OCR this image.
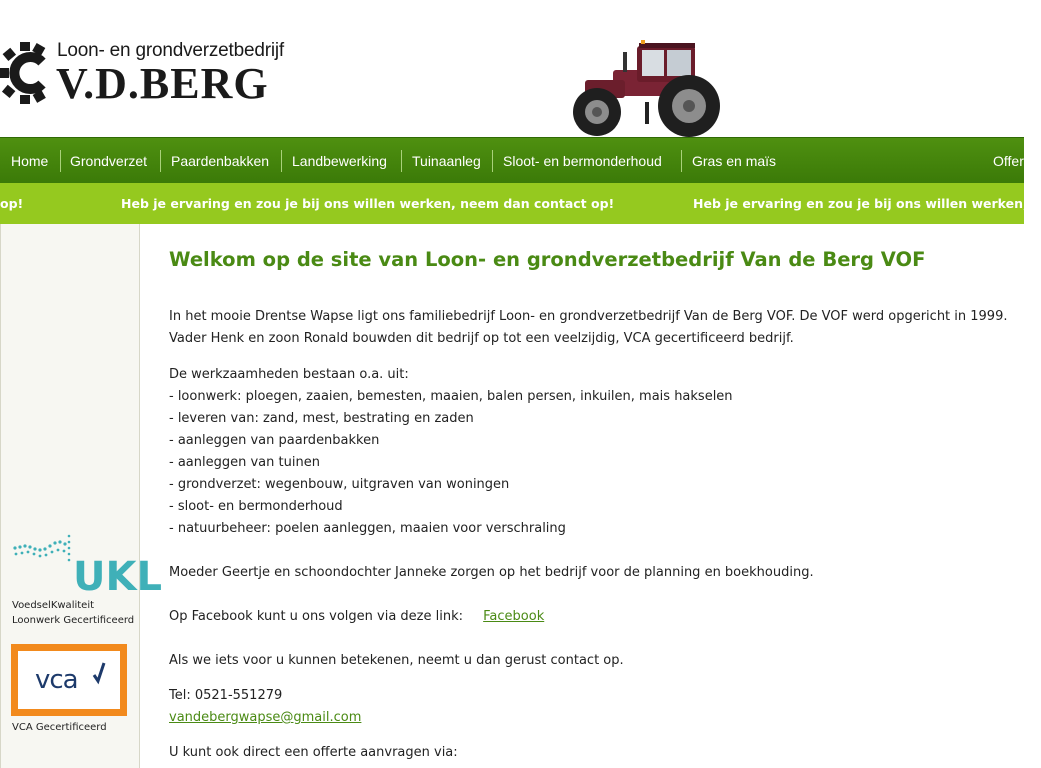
Loon- en grondverzetbedrijf
V.D.BERG
Home Grondverzet Paardenbakken Landbewerking Tuinaanleg Sloot- en bermonderhoud Gras en maïs	Offer
op!	Heb je ervaring en zou je bij ons willen werken, neem dan contact op!	Heb je ervaring en zou je bij ons willen werken, n
UKL
VoedselKwaliteit
Loonwerk Gecertificeerd
vca
VCA Gecertificeerd
Welkom op de site van Loon- en grondverzetbedrijf Van de Berg VOF
In het mooie Drentse Wapse ligt ons familiebedrijf Loon- en grondverzetbedrijf Van de Berg VOF. De VOF werd opgericht in 1999.
Vader Henk en zoon Ronald bouwden dit bedrijf op tot een veelzijdig, VCA gecertificeerd bedrijf.
De werkzaamheden bestaan o.a. uit:
- loonwerk: ploegen, zaaien, bemesten, maaien, balen persen, inkuilen, mais hakselen
- leveren van: zand, mest, bestrating en zaden
- aanleggen van paardenbakken
- aanleggen van tuinen
- grondverzet: wegenbouw, uitgraven van woningen
- sloot- en bermonderhoud
- natuurbeheer: poelen aanleggen, maaien voor verschraling
Moeder Geertje en schoondochter Janneke zorgen op het bedrijf voor de planning en boekhouding.
Op Facebook kunt u ons volgen via deze link: Facebook
Als we iets voor u kunnen betekenen, neemt u dan gerust contact op.
Tel: 0521-551279
vandebergwapse@gmail.com
U kunt ook direct een offerte aanvragen via:
